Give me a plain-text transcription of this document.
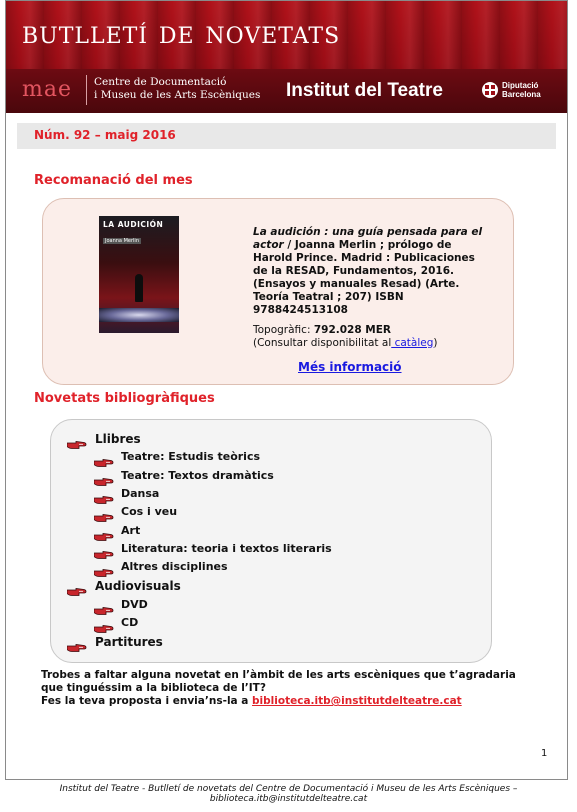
butlletí de novetats
mae Centre de Documentació
i Museu de les Arts Escèniques Institut del Teatre	Diputació
Barcelona
Núm. 92 – maig 2016
Recomanació del mes
LA AUDICIÓN
Joanna Merlin
La audición : una guía pensada para el actor / Joanna Merlin ; prólogo de Harold Prince. Madrid : Publicaciones de la RESAD, Fundamentos, 2016. (Ensayos y manuales Resad) (Arte. Teoría Teatral ; 207) ISBN 9788424513108
Topogràfic: 792.028 MER
(Consultar disponibilitat al catàleg)
Més informació
Novetats bibliogràfiques
Llibres
Teatre: Estudis teòrics
Teatre: Textos dramàtics
Dansa
Cos i veu
Art
Literatura: teoria i textos literaris
Altres disciplines
Audiovisuals
DVD
CD
Partitures
Trobes a faltar alguna novetat en l’àmbit de les arts escèniques que t’agradaria que tinguéssim a la biblioteca de l’IT?
Fes la teva proposta i envia’ns-la a biblioteca.itb@institutdelteatre.cat
1
Institut del Teatre - Butlletí de novetats del Centre de Documentació i Museu de les Arts Escèniques – biblioteca.itb@institutdelteatre.cat
